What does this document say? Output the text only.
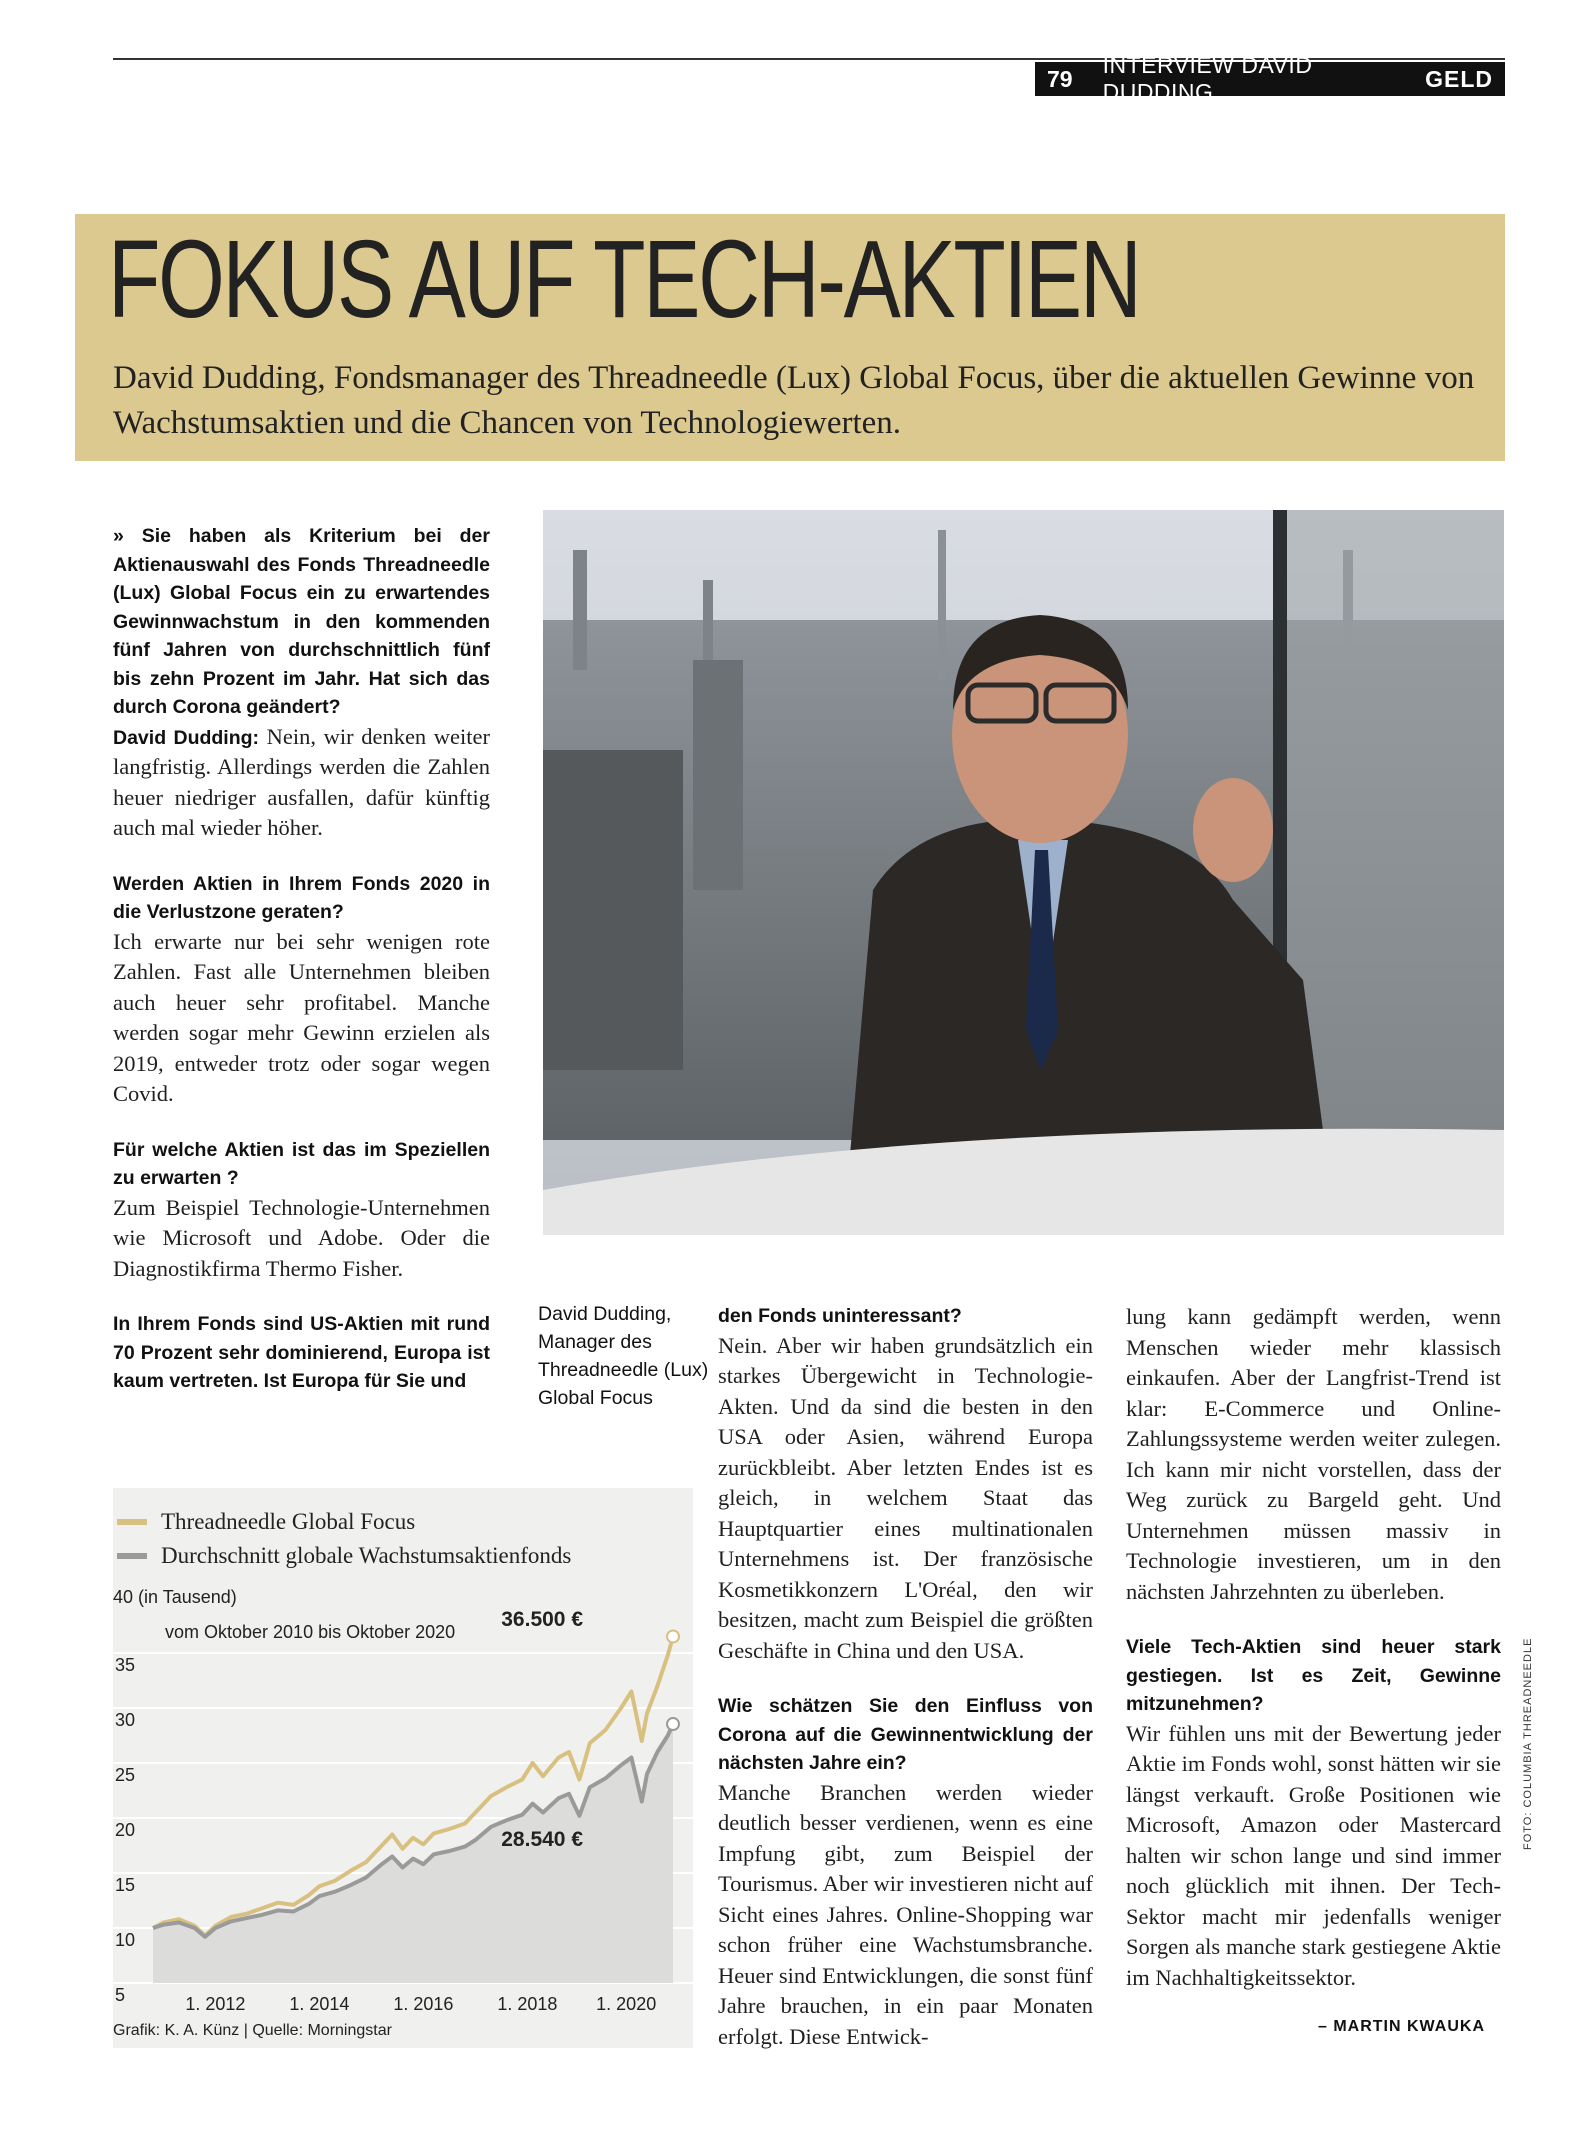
79
INTERVIEW DAVID DUDDING
GELD
FOKUS AUF TECH-AKTIEN
David Dudding, Fondsmanager des Threadneedle (Lux) Global Focus, über die aktuellen Gewinne von Wachstumsaktien und die Chancen von Technologiewerten.
» Sie haben als Kriterium bei der Aktienauswahl des Fonds Threadneedle (Lux) Global Focus ein zu erwartendes Gewinnwachstum in den kommenden fünf Jahren von durchschnittlich fünf bis zehn Prozent im Jahr. Hat sich das durch Corona geändert?
David Dudding: Nein, wir denken weiter langfristig. Allerdings werden die Zahlen heuer niedriger ausfallen, dafür künftig auch mal wieder höher.
Werden Aktien in Ihrem Fonds 2020 in die Verlustzone geraten?
Ich erwarte nur bei sehr wenigen rote Zahlen. Fast alle Unternehmen bleiben auch heuer sehr profitabel. Manche werden sogar mehr Gewinn erzielen als 2019, entweder trotz oder sogar wegen Covid.
Für welche Aktien ist das im Speziellen zu erwarten ?
Zum Beispiel Technologie-Unternehmen wie Microsoft und Adobe. Oder die Diagnostikfirma Thermo Fisher.
In Ihrem Fonds sind US-Aktien mit rund 70 Prozent sehr dominierend, Europa ist kaum vertreten. Ist Europa für Sie und
David Dudding, Manager des Threadneedle (Lux) Global Focus
den Fonds uninteressant?
Nein. Aber wir haben grundsätzlich ein starkes Übergewicht in Technologie-Akten. Und da sind die besten in den USA oder Asien, während Europa zurückbleibt. Aber letzten Endes ist es gleich, in welchem Staat das Hauptquartier eines multinationalen Unternehmens ist. Der französische Kosmetikkonzern L'Oréal, den wir besitzen, macht zum Beispiel die größten Geschäfte in China und den USA.
Wie schätzen Sie den Einfluss von Corona auf die Gewinnentwicklung der nächsten Jahre ein?
Manche Branchen werden wieder deutlich besser verdienen, wenn es eine Impfung gibt, zum Beispiel der Tourismus. Aber wir investieren nicht auf Sicht eines Jahres. Online-Shopping war schon früher eine Wachstumsbranche. Heuer sind Entwicklungen, die sonst fünf Jahre brauchen, in ein paar Monaten erfolgt. Diese Entwick-
lung kann gedämpft werden, wenn Menschen wieder mehr klassisch einkaufen. Aber der Langfrist-Trend ist klar: E-Commerce und Online-Zahlungssysteme werden weiter zulegen. Ich kann mir nicht vorstellen, dass der Weg zurück zu Bargeld geht. Und Unternehmen müssen massiv in Technologie investieren, um in den nächsten Jahrzehnten zu überleben.
Viele Tech-Aktien sind heuer stark gestiegen. Ist es Zeit, Gewinne mitzunehmen?
Wir fühlen uns mit der Bewertung jeder Aktie im Fonds wohl, sonst hätten wir sie längst verkauft. Große Positionen wie Microsoft, Amazon oder Mastercard halten wir schon lange und sind immer noch glücklich mit ihnen. Der Tech-Sektor macht mir jedenfalls weniger Sorgen als manche stark gestiegene Aktie im Nachhaltigkeitssektor.
– MARTIN KWAUKA
FOTO: COLUMBIA THREADNEEDLE
Threadneedle Global Focus
Durchschnitt globale Wachstumsaktienfonds
40 (in Tausend)
vom Oktober 2010 bis Oktober 2020
5
10
15
20
25
30
35
1. 2012 1. 2014 1. 2016 1. 2018 1. 2020
36.500 €
28.540 €
Grafik: K. A. Künz | Quelle: Morningstar
